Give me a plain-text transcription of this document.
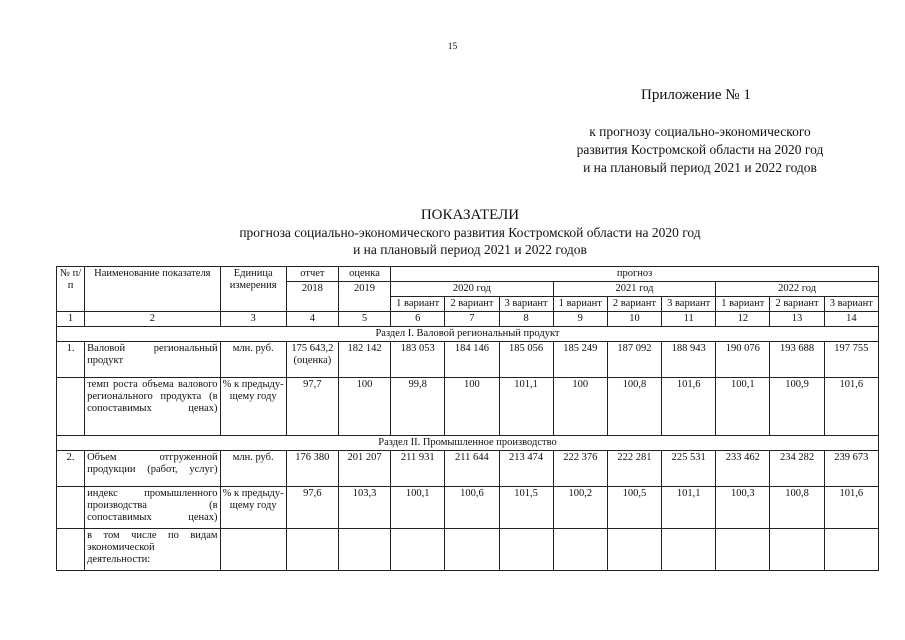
15
Приложение № 1
к прогнозу социально-экономического
развития Костромской области на 2020 год
и на плановый период 2021 и 2022 годов
ПОКАЗАТЕЛИ
прогноза социально-экономического развития Костромской области на 2020 год
и на плановый период 2021 и 2022 годов
№ п/п	Наименование показателя	Единица измерения	отчет	оценка	прогноз								
			2018	2019	2020 год			2021 год			2022 год		
					1 вариант	2 вариант	3 вариант	1 вариант	2 вариант	3 вариант	1 вариант	2 вариант	3 вариант
1	2	3	4	5	6	7	8	9	10	11	12	13	14
Раздел I. Валовой региональный продукт													
1.	Валовой региональный продукт	млн. руб.	175 643,2 (оценка)	182 142	183 053	184 146	185 056	185 249	187 092	188 943	190 076	193 688	197 755
	темп роста объема валового регионального продукта (в сопоставимых ценах)	% к предыду-щему году	97,7	100	99,8	100	101,1	100	100,8	101,6	100,1	100,9	101,6
Раздел II. Промышленное производство													
2.	Объем отгруженной продукции (работ, услуг)	млн. руб.	176 380	201 207	211 931	211 644	213 474	222 376	222 281	225 531	233 462	234 282	239 673
	индекс промышленного производства (в сопоставимых ценах)	% к предыду-щему году	97,6	103,3	100,1	100,6	101,5	100,2	100,5	101,1	100,3	100,8	101,6
	в том числе по видам экономической деятельности:												
